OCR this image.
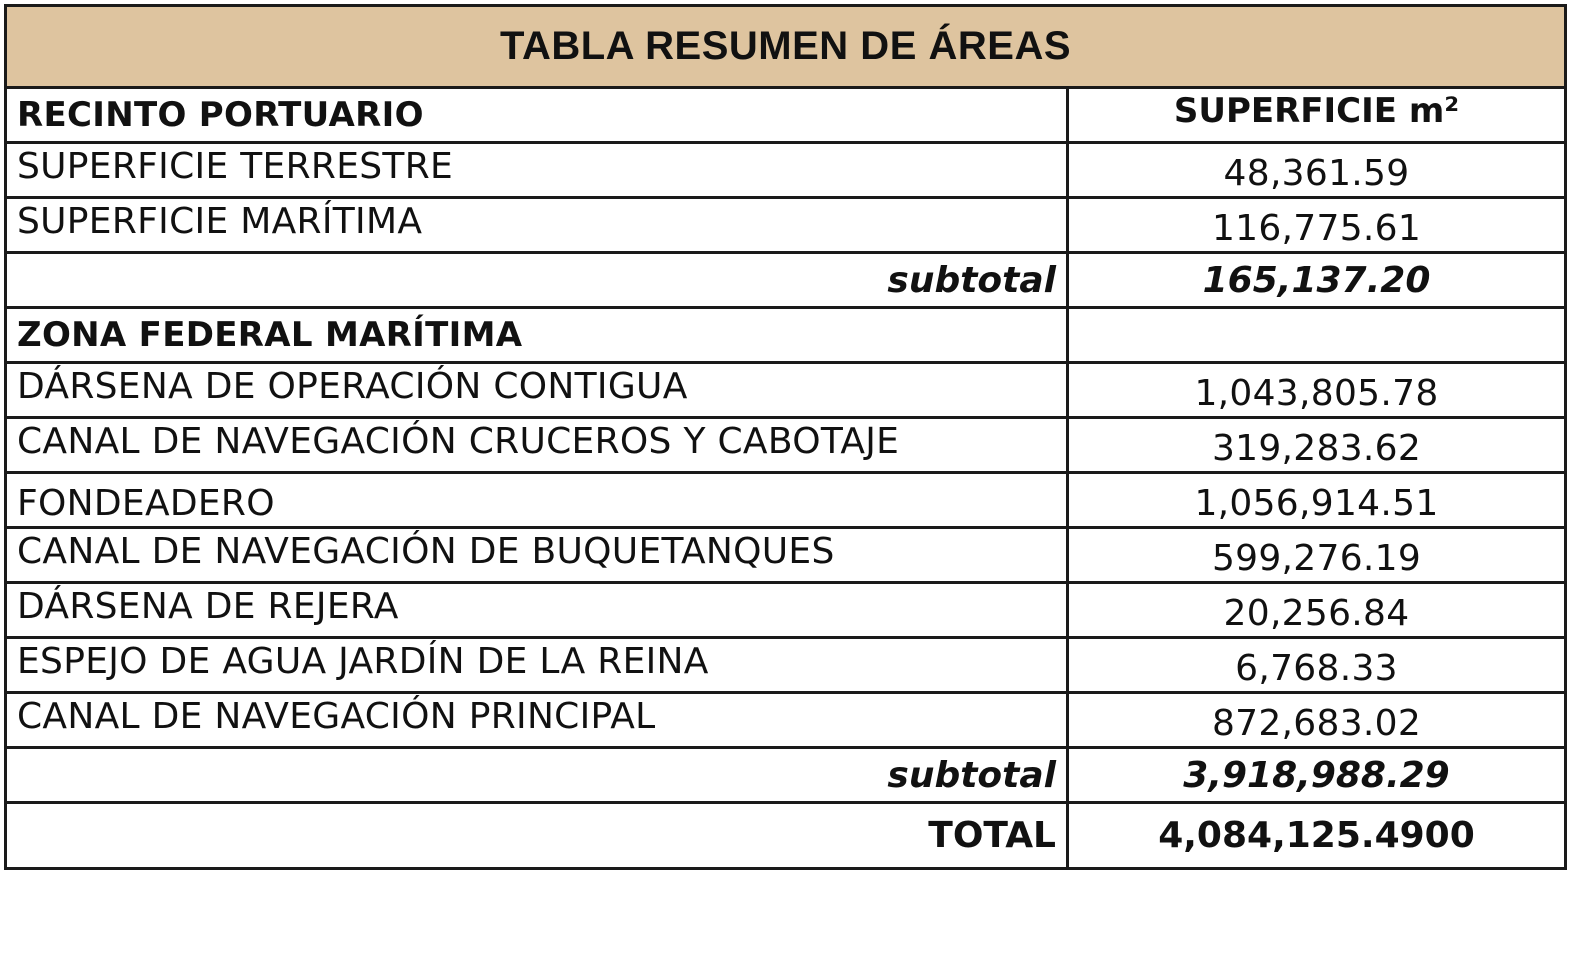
TABLA RESUMEN DE ÁREAS	
RECINTO PORTUARIO	SUPERFICIE m²
SUPERFICIE TERRESTRE	48,361.59
SUPERFICIE MARÍTIMA	116,775.61
subtotal	165,137.20
ZONA FEDERAL MARÍTIMA	
DÁRSENA DE OPERACIÓN CONTIGUA	1,043,805.78
CANAL DE NAVEGACIÓN CRUCEROS Y CABOTAJE	319,283.62
FONDEADERO	1,056,914.51
CANAL DE NAVEGACIÓN DE BUQUETANQUES	599,276.19
DÁRSENA DE REJERA	20,256.84
ESPEJO DE AGUA JARDÍN DE LA REINA	6,768.33
CANAL DE NAVEGACIÓN PRINCIPAL	872,683.02
subtotal	3,918,988.29
TOTAL	4,084,125.4900
